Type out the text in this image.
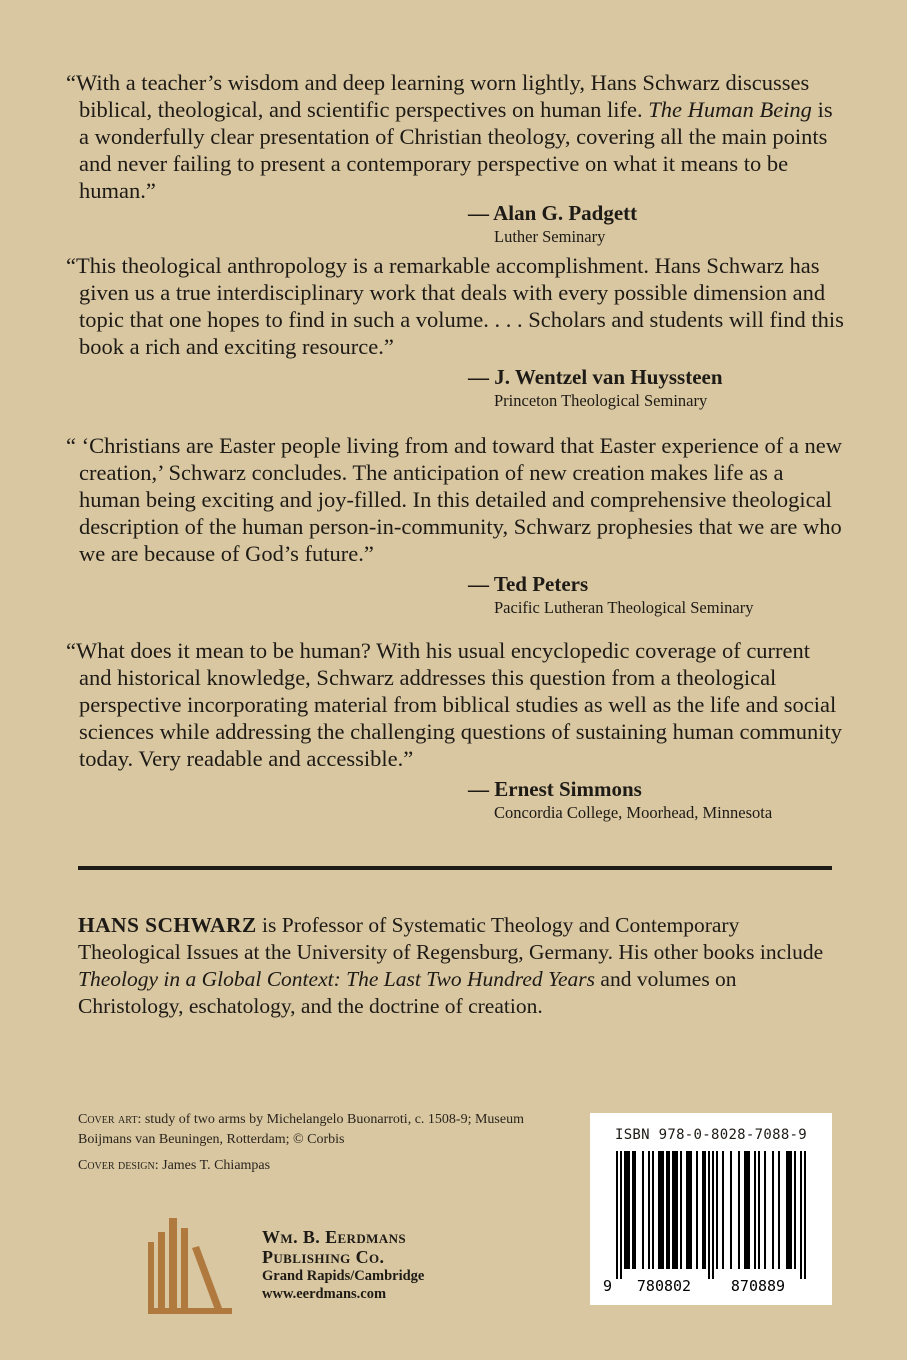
“With a teacher’s wisdom and deep learning worn lightly, Hans Schwarz discusses biblical, theological, and scientific perspectives on human life. The Human Being is a wonderfully clear presentation of Christian theology, covering all the main points and never failing to present a contemporary perspective on what it means to be human.”

— Alan G. Padgett
Luther Seminary

“This theological anthropology is a remarkable accomplishment. Hans Schwarz has given us a true interdisciplinary work that deals with every possible dimension and topic that one hopes to find in such a volume. . . . Scholars and students will find this book a rich and exciting resource.”

— J. Wentzel van Huyssteen
Princeton Theological Seminary

“ ‘Christians are Easter people living from and toward that Easter experience of a new creation,’ Schwarz concludes. The anticipation of new creation makes life as a human being exciting and joy-filled. In this detailed and comprehensive theological description of the human person-in-community, Schwarz prophesies that we are who we are because of God’s future.”

— Ted Peters
Pacific Lutheran Theological Seminary

“What does it mean to be human? With his usual encyclopedic coverage of current and historical knowledge, Schwarz addresses this question from a theological perspective incorporating material from biblical studies as well as the life and social sciences while addressing the challenging questions of sustaining human community today. Very readable and accessible.”

— Ernest Simmons
Concordia College, Moorhead, Minnesota

HANS SCHWARZ is Professor of Systematic Theology and Contemporary Theological Issues at the University of Regensburg, Germany. His other books include Theology in a Global Context: The Last Two Hundred Years and volumes on Christology, eschatology, and the doctrine of creation.

Cover art: study of two arms by Michelangelo Buonarroti, c. 1508-9; Museum Boijmans van Beuningen, Rotterdam; © Corbis

Cover design: James T. Chiampas

Wm. B. Eerdmans
Publishing Co.
Grand Rapids/Cambridge
www.eerdmans.com
ISBN 978-0-8028-7088-9
9 780802	870889
